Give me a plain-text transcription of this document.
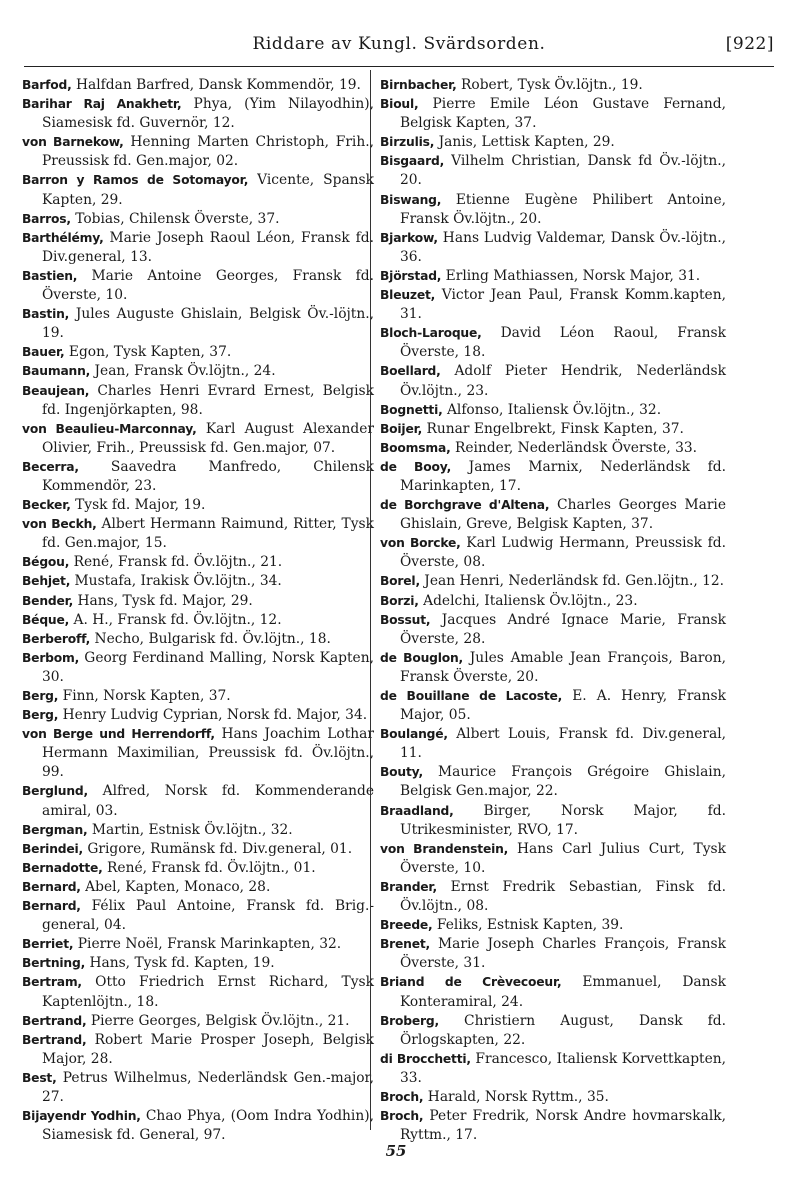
Riddare av Kungl. Svärdsorden.	[922]

Barfod, Halfdan Barfred, Dansk Kommendör, 19.

Barihar Raj Anakhetr, Phya, (Yim Nilayodhin), Siamesisk fd. Guvernör, 12.

von Barnekow, Henning Marten Christoph, Frih., Preussisk fd. Gen.major, 02.

Barron y Ramos de Sotomayor, Vicente, Spansk Kapten, 29.

Barros, Tobias, Chilensk Överste, 37.

Barthélémy, Marie Joseph Raoul Léon, Fransk fd. Div.general, 13.

Bastien, Marie Antoine Georges, Fransk fd. Överste, 10.

Bastin, Jules Auguste Ghislain, Belgisk Öv.-löjtn., 19.

Bauer, Egon, Tysk Kapten, 37.

Baumann, Jean, Fransk Öv.löjtn., 24.

Beaujean, Charles Henri Evrard Ernest, Belgisk fd. Ingenjörkapten, 98.

von Beaulieu-Marconnay, Karl August Alexander Olivier, Frih., Preussisk fd. Gen.major, 07.

Becerra, Saavedra Manfredo, Chilensk Kommendör, 23.

Becker, Tysk fd. Major, 19.

von Beckh, Albert Hermann Raimund, Ritter, Tysk fd. Gen.major, 15.

Bégou, René, Fransk fd. Öv.löjtn., 21.

Behjet, Mustafa, Irakisk Öv.löjtn., 34.

Bender, Hans, Tysk fd. Major, 29.

Béque, A. H., Fransk fd. Öv.löjtn., 12.

Berberoff, Necho, Bulgarisk fd. Öv.löjtn., 18.

Berbom, Georg Ferdinand Malling, Norsk Kapten, 30.

Berg, Finn, Norsk Kapten, 37.

Berg, Henry Ludvig Cyprian, Norsk fd. Major, 34.

von Berge und Herrendorff, Hans Joachim Lothar Hermann Maximilian, Preussisk fd. Öv.löjtn., 99.

Berglund, Alfred, Norsk fd. Kommenderande amiral, 03.

Bergman, Martin, Estnisk Öv.löjtn., 32.

Berindei, Grigore, Rumänsk fd. Div.general, 01.

Bernadotte, René, Fransk fd. Öv.löjtn., 01.

Bernard, Abel, Kapten, Monaco, 28.

Bernard, Félix Paul Antoine, Fransk fd. Brig.-general, 04.

Berriet, Pierre Noël, Fransk Marinkapten, 32.

Bertning, Hans, Tysk fd. Kapten, 19.

Bertram, Otto Friedrich Ernst Richard, Tysk Kaptenlöjtn., 18.

Bertrand, Pierre Georges, Belgisk Öv.löjtn., 21.

Bertrand, Robert Marie Prosper Joseph, Belgisk Major, 28.

Best, Petrus Wilhelmus, Nederländsk Gen.-major, 27.

Bijayendr Yodhin, Chao Phya, (Oom Indra Yodhin), Siamesisk fd. General, 97.

Birnbacher, Robert, Tysk Öv.löjtn., 19.

Bioul, Pierre Emile Léon Gustave Fernand, Belgisk Kapten, 37.

Birzulis, Janis, Lettisk Kapten, 29.

Bisgaard, Vilhelm Christian, Dansk fd Öv.-löjtn., 20.

Biswang, Etienne Eugène Philibert Antoine, Fransk Öv.löjtn., 20.

Bjarkow, Hans Ludvig Valdemar, Dansk Öv.-löjtn., 36.

Björstad, Erling Mathiassen, Norsk Major, 31.

Bleuzet, Victor Jean Paul, Fransk Komm.kapten, 31.

Bloch-Laroque, David Léon Raoul, Fransk Överste, 18.

Boellard, Adolf Pieter Hendrik, Nederländsk Öv.löjtn., 23.

Bognetti, Alfonso, Italiensk Öv.löjtn., 32.

Boijer, Runar Engelbrekt, Finsk Kapten, 37.

Boomsma, Reinder, Nederländsk Överste, 33.

de Booy, James Marnix, Nederländsk fd. Marinkapten, 17.

de Borchgrave d'Altena, Charles Georges Marie Ghislain, Greve, Belgisk Kapten, 37.

von Borcke, Karl Ludwig Hermann, Preussisk fd. Överste, 08.

Borel, Jean Henri, Nederländsk fd. Gen.löjtn., 12.

Borzi, Adelchi, Italiensk Öv.löjtn., 23.

Bossut, Jacques André Ignace Marie, Fransk Överste, 28.

de Bouglon, Jules Amable Jean François, Baron, Fransk Överste, 20.

de Bouillane de Lacoste, E. A. Henry, Fransk Major, 05.

Boulangé, Albert Louis, Fransk fd. Div.general, 11.

Bouty, Maurice François Grégoire Ghislain, Belgisk Gen.major, 22.

Braadland, Birger, Norsk Major, fd. Utrikesminister, RVO, 17.

von Brandenstein, Hans Carl Julius Curt, Tysk Överste, 10.

Brander, Ernst Fredrik Sebastian, Finsk fd. Öv.löjtn., 08.

Breede, Feliks, Estnisk Kapten, 39.

Brenet, Marie Joseph Charles François, Fransk Överste, 31.

Briand de Crèvecoeur, Emmanuel, Dansk Konteramiral, 24.

Broberg, Christiern August, Dansk fd. Örlogskapten, 22.

di Brocchetti, Francesco, Italiensk Korvettkapten, 33.

Broch, Harald, Norsk Ryttm., 35.

Broch, Peter Fredrik, Norsk Andre hovmarskalk, Ryttm., 17.

55
